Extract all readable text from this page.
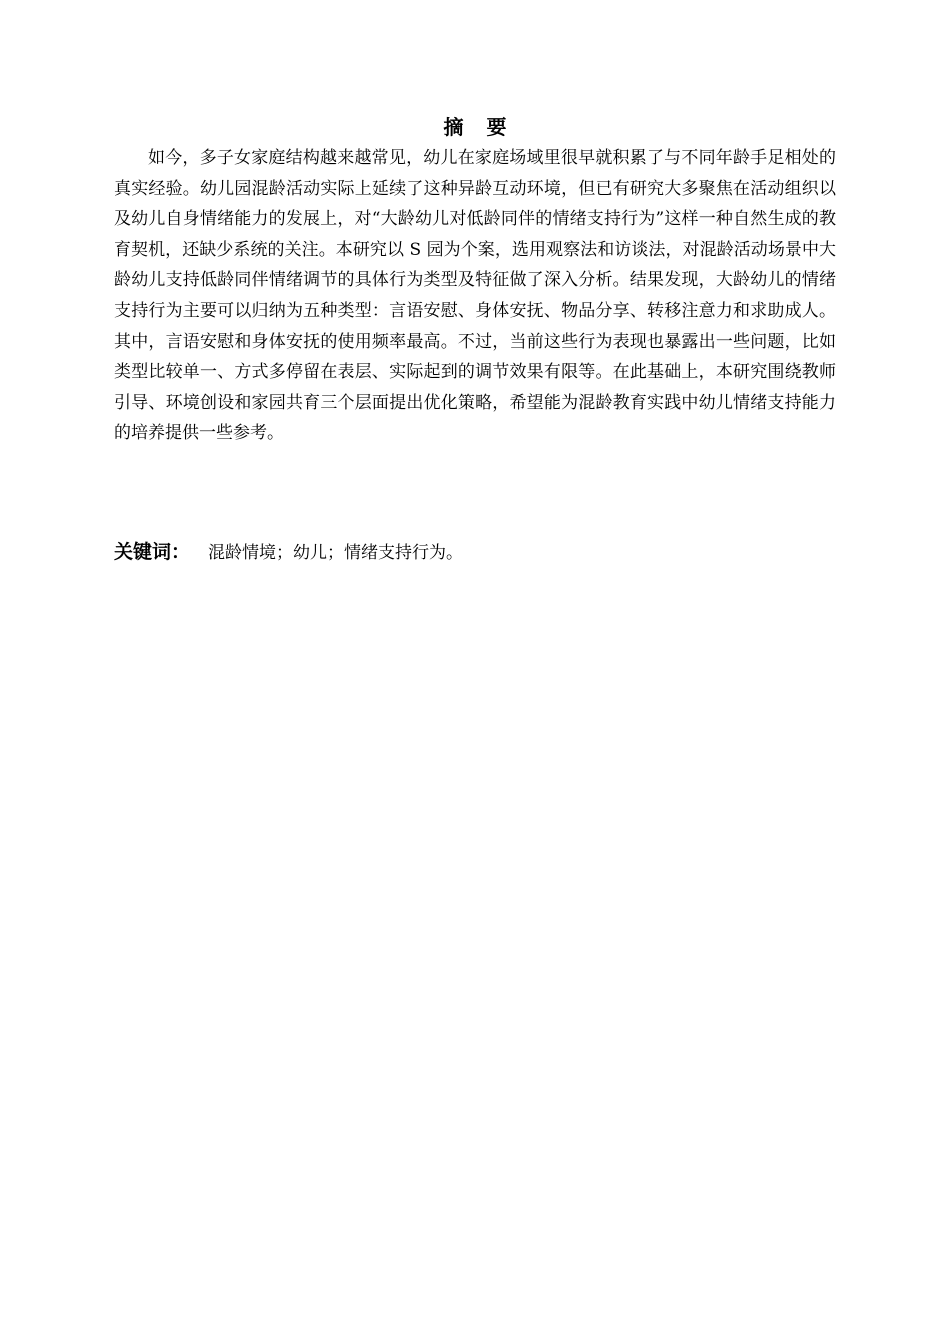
摘 要

如今，多子女家庭结构越来越常见，幼儿在家庭场域里很早就积累了与不同年龄手足相处的真实经验。幼儿园混龄活动实际上延续了这种异龄互动环境，但已有研究大多聚焦在活动组织以及幼儿自身情绪能力的发展上，对“大龄幼儿对低龄同伴的情绪支持行为”这样一种自然生成的教育契机，还缺少系统的关注。本研究以 S 园为个案，选用观察法和访谈法，对混龄活动场景中大龄幼儿支持低龄同伴情绪调节的具体行为类型及特征做了深入分析。结果发现，大龄幼儿的情绪支持行为主要可以归纳为五种类型：言语安慰、身体安抚、物品分享、转移注意力和求助成人。其中，言语安慰和身体安抚的使用频率最高。不过，当前这些行为表现也暴露出一些问题，比如类型比较单一、方式多停留在表层、实际起到的调节效果有限等。在此基础上，本研究围绕教师引导、环境创设和家园共育三个层面提出优化策略，希望能为混龄教育实践中幼儿情绪支持能力的培养提供一些参考。

关键词： 混龄情境；幼儿；情绪支持行为。
